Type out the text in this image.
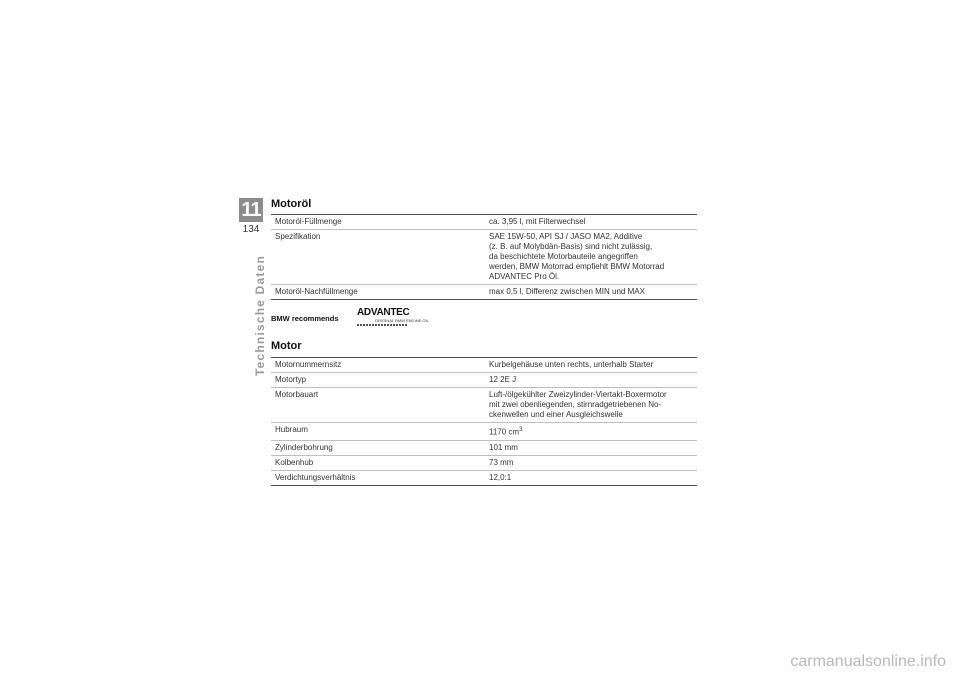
11
134
Technische Daten
Motoröl
Motoröl-Füllmenge	ca. 3,95 l, mit Filterwechsel
Spezifikation	SAE 15W-50, API SJ / JASO MA2, Additive
(z. B. auf Molybdän-Basis) sind nicht zulässig,
da beschichtete Motorbauteile angegriffen
werden, BMW Motorrad empfiehlt BMW Motorrad
ADVANTEC Pro Öl.
Motoröl-Nachfüllmenge	max 0,5 l, Differenz zwischen MIN und MAX
BMW recommends
ADVANTEC
ORIGINAL BMW ENGINE OIL
Motor
Motornummernsitz	Kurbelgehäuse unten rechts, unterhalb Starter
Motortyp	12 2E J
Motorbauart	Luft-/ölgekühlter Zweizylinder-Viertakt-Boxermotor
mit zwei obenliegenden, stirnradgetriebenen No-
ckenwellen und einer Ausgleichswelle
Hubraum	1170 $cm^3$
Zylinderbohrung	101 mm
Kolbenhub	73 mm
Verdichtungsverhältnis	12,0:1
carmanualsonline.info
